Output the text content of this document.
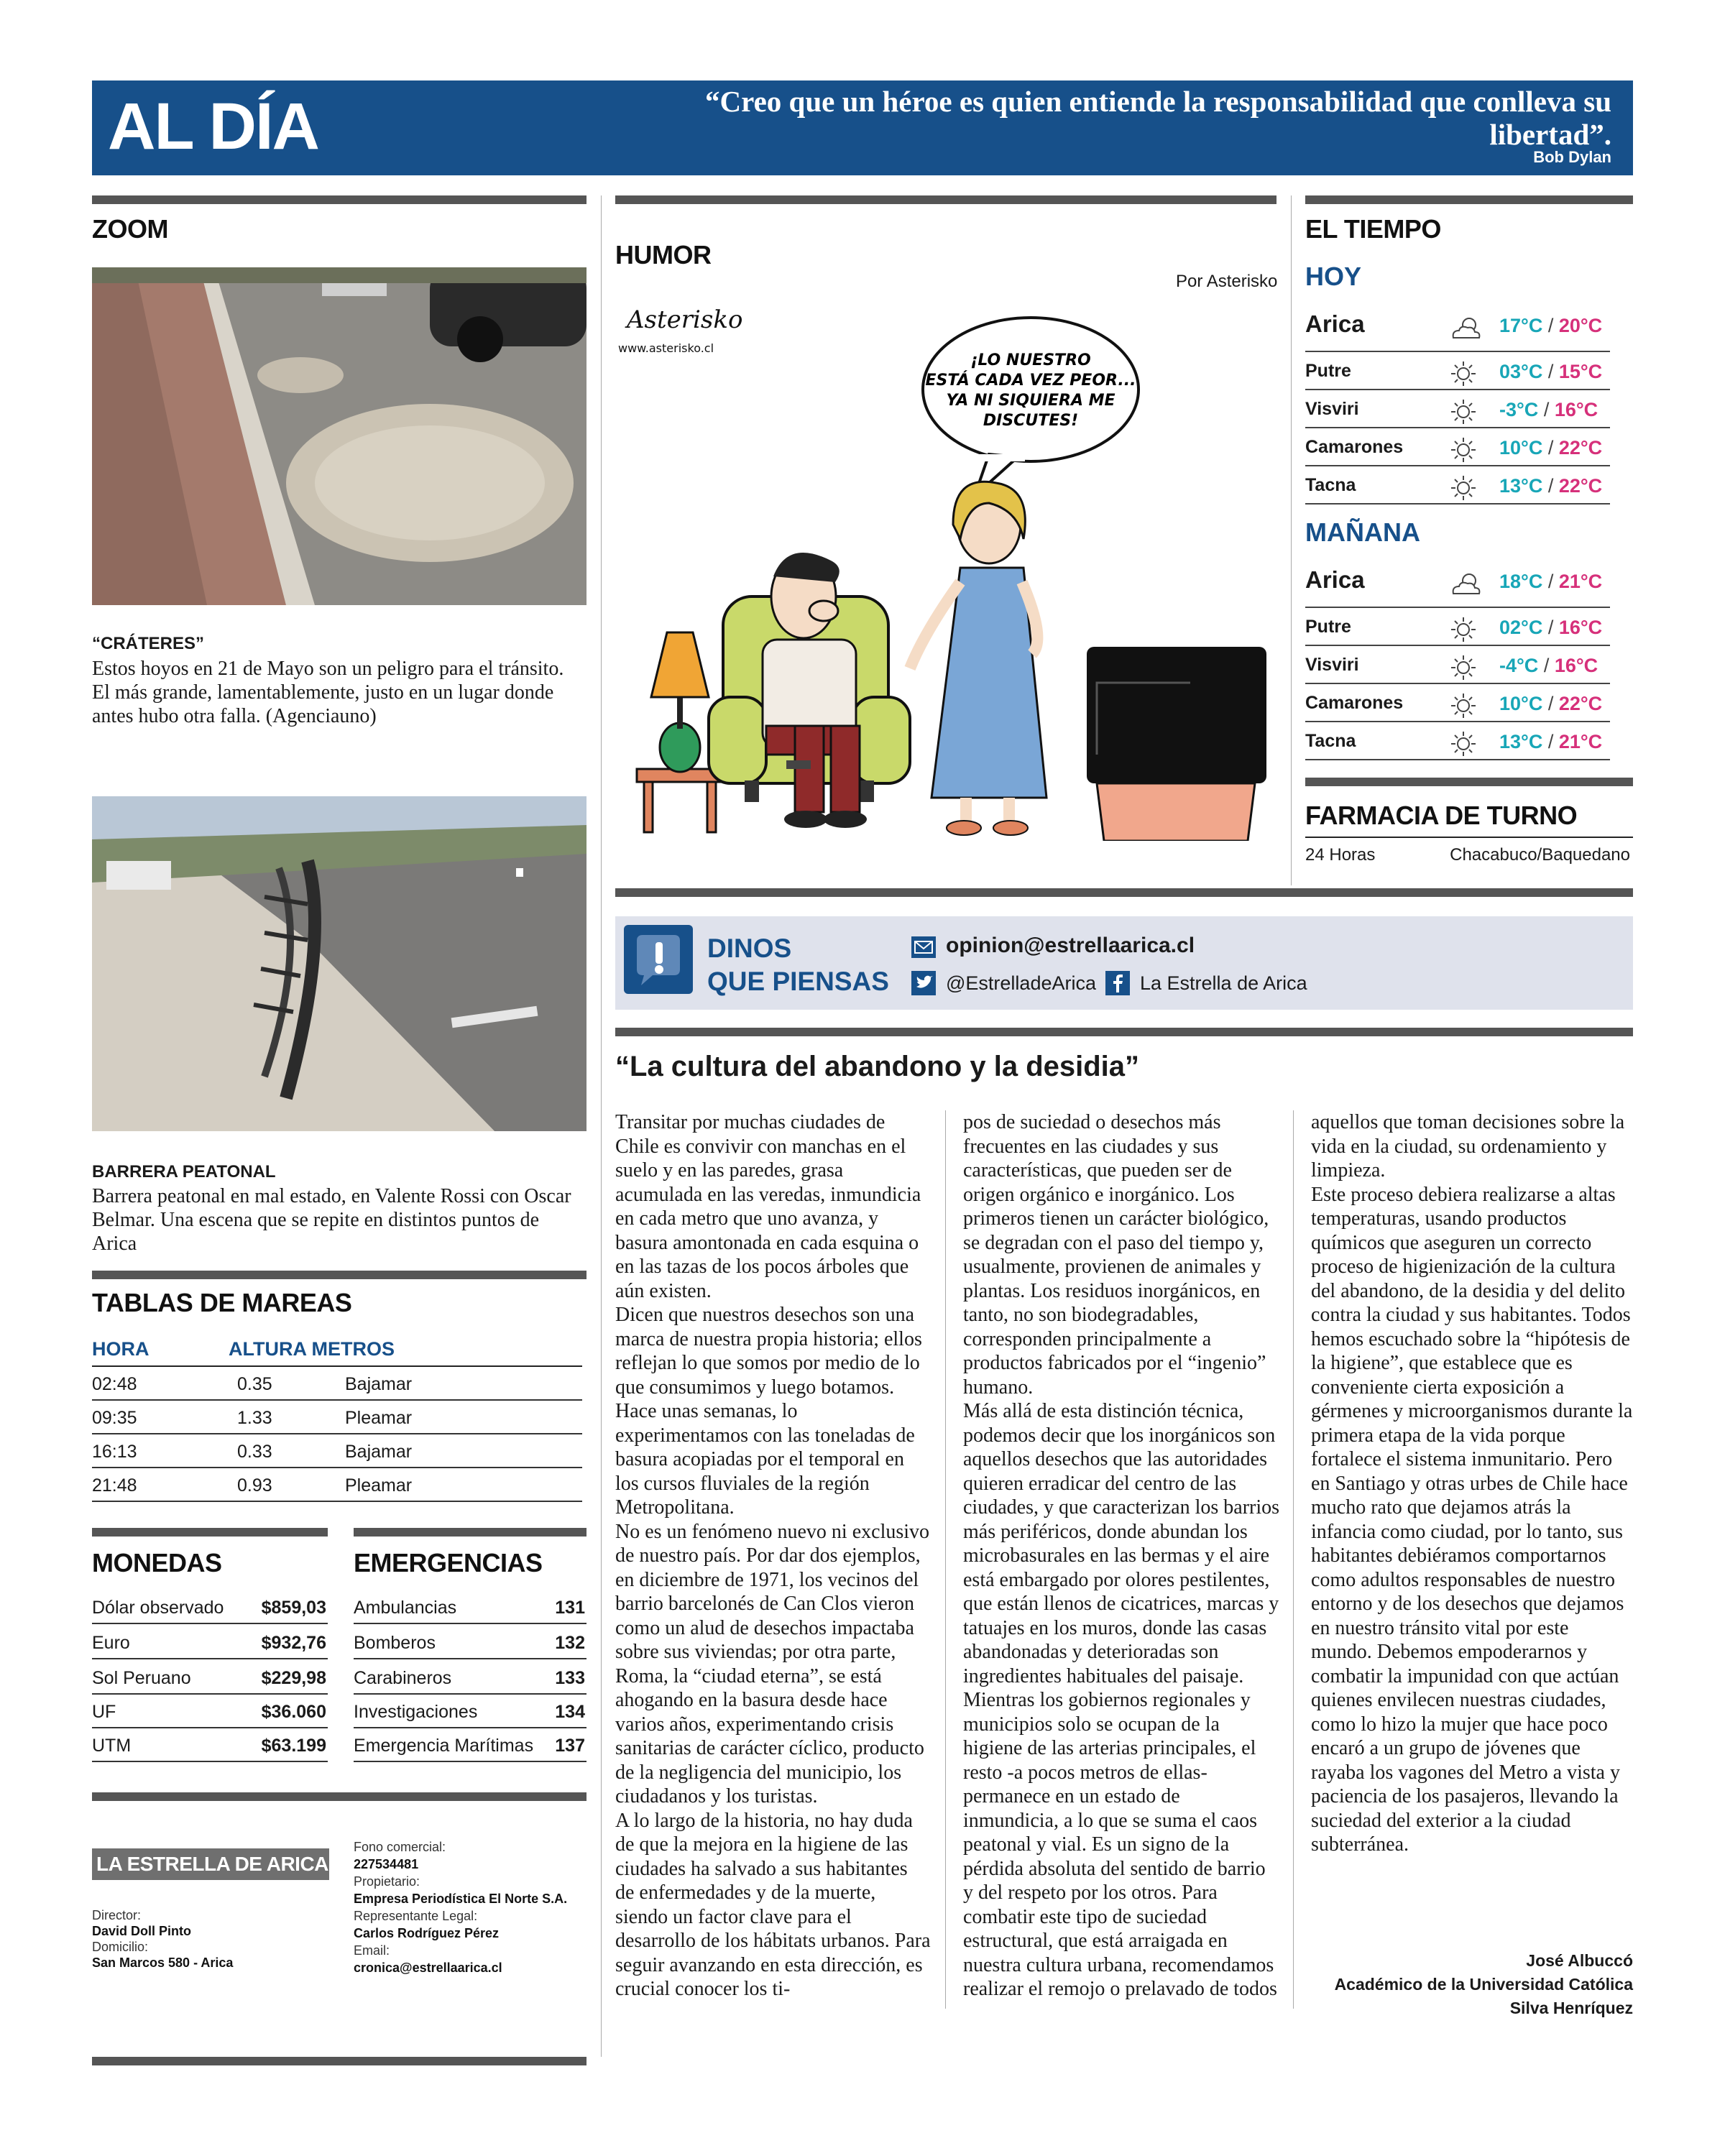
AL DÍA	“Creo que un héroe es quien entiende la responsabilidad que conlleva su libertad”.
Bob Dylan
ZOOM
“CRÁTERES”
Estos hoyos en 21 de Mayo son un peligro para el tránsito. El más grande, lamentablemente, justo en un lugar donde antes hubo otra falla. (Agenciauno)
BARRERA PEATONAL
Barrera peatonal en mal estado, en Valente Rossi con Oscar Belmar. Una escena que se repite en distintos puntos de Arica
TABLAS DE MAREAS
HORA	ALTURA METROS
02:48	0.35	Bajamar
09:35	1.33	Pleamar
16:13	0.33	Bajamar
21:48	0.93	Pleamar
MONEDAS
Dólar observado $859,03
Euro	$932,76
Sol Peruano	$229,98
UF	$36.060
UTM	$63.199
EMERGENCIAS
Ambulancias	131
Bomberos	132
Carabineros	133
Investigaciones	134
Emergencia Marítimas 137
LA ESTRELLA DE ARICA
Director:
David Doll Pinto
Domicilio:
San Marcos 580 - Arica
Fono comercial:
227534481
Propietario:
Empresa Periodística El Norte S.A.
Representante Legal:
Carlos Rodríguez Pérez
Email:
cronica@estrellaarica.cl
HUMOR
Por Asterisko
Asterisko
www.asterisko.cl
¡LO NUESTRO
ESTÁ CADA VEZ PEOR...
YA NI SIQUIERA ME
DISCUTES!
DINOS
QUE PIENSAS
opinion@estrellaarica.cl
@EstrelladeArica La Estrella de Arica
“La cultura del abandono y la desidia”

Transitar por muchas ciudades de Chile es convivir con manchas en el suelo y en las paredes, grasa acumulada en las veredas, inmundicia en cada metro que uno avanza, y basura amontonada en cada esquina o en las tazas de los pocos árboles que aún existen.

Dicen que nuestros desechos son una marca de nuestra propia historia; ellos reflejan lo que somos por medio de lo que consumimos y luego botamos. Hace unas semanas, lo experimentamos con las toneladas de basura acopiadas por el temporal en los cursos fluviales de la región Metropolitana.

No es un fenómeno nuevo ni exclusivo de nuestro país. Por dar dos ejemplos, en diciembre de 1971, los vecinos del barrio barcelonés de Can Clos vieron como un alud de desechos impactaba sobre sus viviendas; por otra parte, Roma, la “ciudad eterna”, se está ahogando en la basura desde hace varios años, experimentando crisis sanitarias de carácter cíclico, producto de la negligencia del municipio, los ciudadanos y los turistas.

A lo largo de la historia, no hay duda de que la mejora en la higiene de las ciudades ha salvado a sus habitantes de enfermedades y de la muerte, siendo un factor clave para el desarrollo de los hábitats urbanos. Para seguir avanzando en esta dirección, es crucial conocer los ti-

pos de suciedad o desechos más frecuentes en las ciudades y sus características, que pueden ser de origen orgánico e inorgánico. Los primeros tienen un carácter biológico, se degradan con el paso del tiempo y, usualmente, provienen de animales y plantas. Los residuos inorgánicos, en tanto, no son biodegradables, corresponden principalmente a productos fabricados por el “ingenio” humano.

Más allá de esta distinción técnica, podemos decir que los inorgánicos son aquellos desechos que las autoridades quieren erradicar del centro de las ciudades, y que caracterizan los barrios más periféricos, donde abundan los microbasurales en las bermas y el aire está embargado por olores pestilentes, que están llenos de cicatrices, marcas y tatuajes en los muros, donde las casas abandonadas y deterioradas son ingredientes habituales del paisaje.

Mientras los gobiernos regionales y municipios solo se ocupan de la higiene de las arterias principales, el resto -a pocos metros de ellas- permanece en un estado de inmundicia, a lo que se suma el caos peatonal y vial. Es un signo de la pérdida absoluta del sentido de barrio y del respeto por los otros. Para combatir este tipo de suciedad estructural, que está arraigada en nuestra cultura urbana, recomendamos realizar el remojo o prelavado de todos

aquellos que toman decisiones sobre la vida en la ciudad, su ordenamiento y limpieza.

Este proceso debiera realizarse a altas temperaturas, usando productos químicos que aseguren un correcto proceso de higienización de la cultura del abandono, de la desidia y del delito contra la ciudad y sus habitantes. Todos hemos escuchado sobre la “hipótesis de la higiene”, que establece que es conveniente cierta exposición a gérmenes y microorganismos durante la primera etapa de la vida porque fortalece el sistema inmunitario. Pero en Santiago y otras urbes de Chile hace mucho rato que dejamos atrás la infancia como ciudad, por lo tanto, sus habitantes debiéramos comportarnos como adultos responsables de nuestro entorno y de los desechos que dejamos en nuestro tránsito vital por este mundo. Debemos empoderarnos y combatir la impunidad con que actúan quienes envilecen nuestras ciudades, como lo hizo la mujer que hace poco encaró a un grupo de jóvenes que rayaba los vagones del Metro a vista y paciencia de los pasajeros, llevando la suciedad del exterior a la ciudad subterránea.

José Albuccó
Académico de la Universidad Católica
Silva Henríquez
EL TIEMPO
HOY
Arica	17°C / 20°C
Putre	03°C / 15°C
Visviri	-3°C / 16°C
Camarones	10°C / 22°C
Tacna	13°C / 22°C
MAÑANA
Arica	18°C / 21°C
Putre	02°C / 16°C
Visviri	-4°C / 16°C
Camarones	10°C / 22°C
Tacna	13°C / 21°C
FARMACIA DE TURNO
24 Horas	Chacabuco/Baquedano
